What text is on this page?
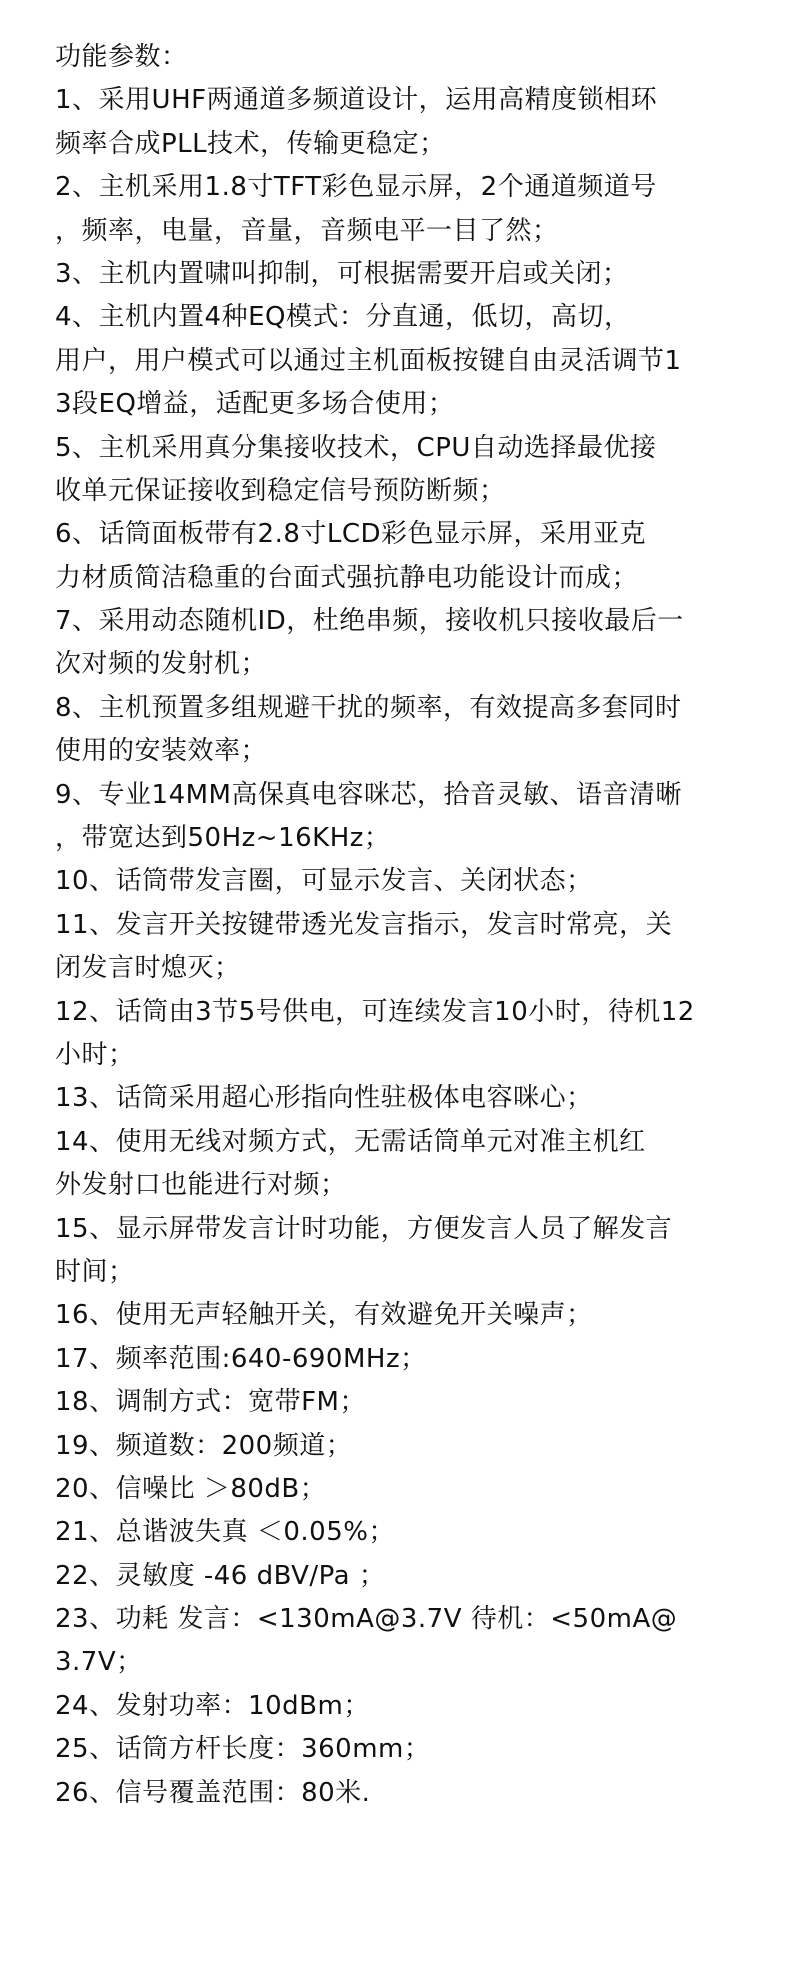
功能参数：
1、采用UHF两通道多频道设计，运用高精度锁相环
频率合成PLL技术，传输更稳定；
2、主机采用1.8寸TFT彩色显示屏，2个通道频道号
，频率，电量，音量，音频电平一目了然；
3、主机内置啸叫抑制，可根据需要开启或关闭；
4、主机内置4种EQ模式：分直通，低切，高切，
用户，用户模式可以通过主机面板按键自由灵活调节1
3段EQ增益，适配更多场合使用；
5、主机采用真分集接收技术，CPU自动选择最优接
收单元保证接收到稳定信号预防断频；
6、话筒面板带有2.8寸LCD彩色显示屏，采用亚克
力材质简洁稳重的台面式强抗静电功能设计而成；
7、采用动态随机ID，杜绝串频，接收机只接收最后一
次对频的发射机；
8、主机预置多组规避干扰的频率，有效提高多套同时
使用的安装效率；
9、专业14MM高保真电容咪芯，拾音灵敏、语音清晰
，带宽达到50Hz~16KHz；
10、话筒带发言圈，可显示发言、关闭状态；
11、发言开关按键带透光发言指示，发言时常亮，关
闭发言时熄灭；
12、话筒由3节5号供电，可连续发言10小时，待机12
小时；
13、话筒采用超心形指向性驻极体电容咪心；
14、使用无线对频方式，无需话筒单元对准主机红
外发射口也能进行对频；
15、显示屏带发言计时功能，方便发言人员了解发言
时间；
16、使用无声轻触开关，有效避免开关噪声；
17、频率范围:640-690MHz；
18、调制方式：宽带FM；
19、频道数：200频道；
20、信噪比 ＞80dB；
21、总谐波失真 ＜0.05%；
22、灵敏度 -46 dBV/Pa ；
23、功耗 发言：<130mA@3.7V 待机：<50mA@
3.7V；
24、发射功率：10dBm；
25、话筒方杆长度：360mm；
26、信号覆盖范围：80米.
